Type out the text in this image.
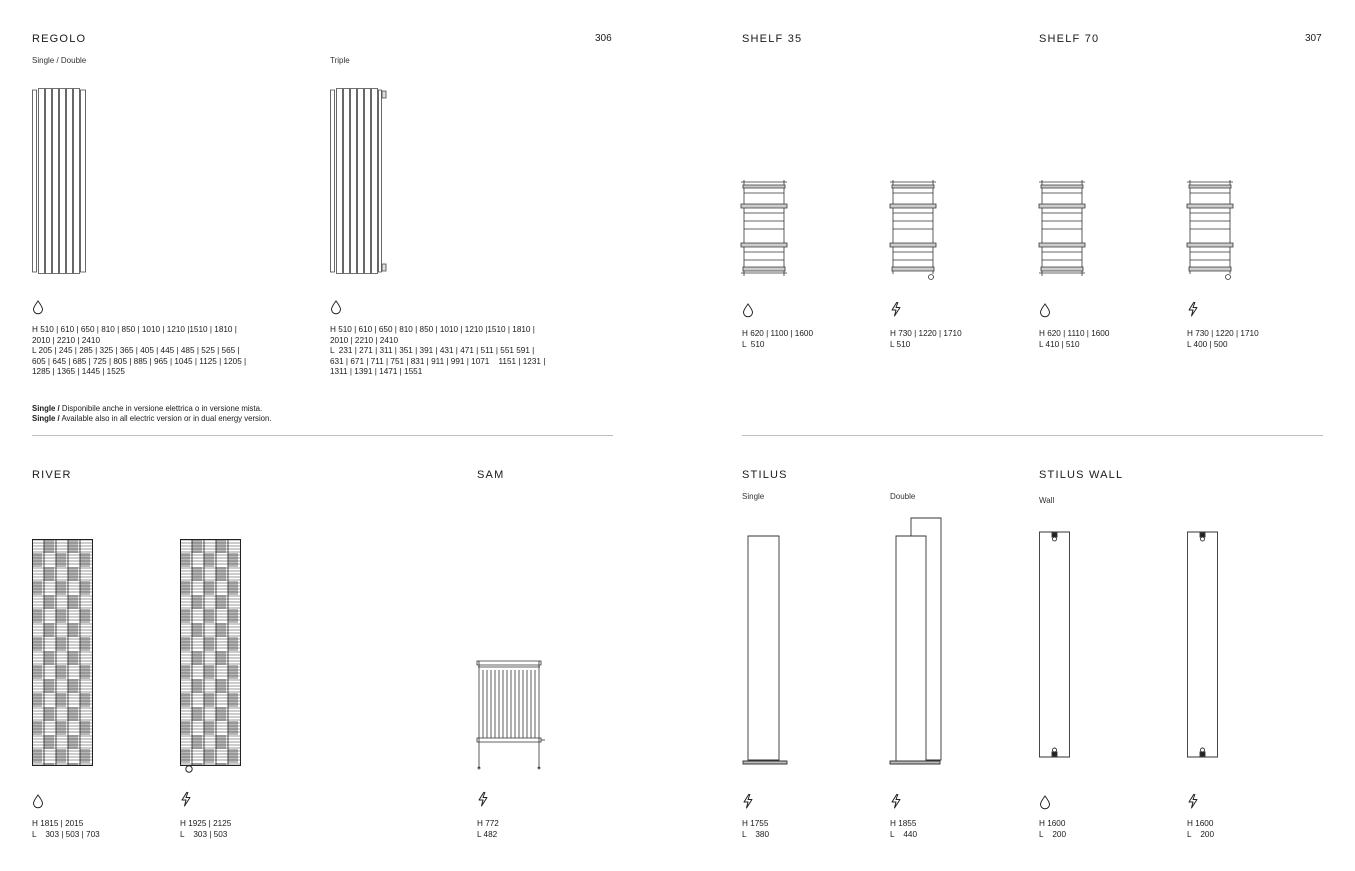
306	307
REGOLO
Single / Double	Triple
H 510 | 610 | 650 | 810 | 850 | 1010 | 1210 |1510 | 1810 |
2010 | 2210 | 2410
L 205 | 245 | 285 | 325 | 365 | 405 | 445 | 485 | 525 | 565 |
605 | 645 | 685 | 725 | 805 | 885 | 965 | 1045 | 1125 | 1205 |
1285 | 1365 | 1445 | 1525
H 510 | 610 | 650 | 810 | 850 | 1010 | 1210 |1510 | 1810 |
2010 | 2210 | 2410
L  231 | 271 | 311 | 351 | 391 | 431 | 471 | 511 | 551 591 |
631 | 671 | 711 | 751 | 831 | 911 | 991 | 1071    1151 | 1231 |
1311 | 1391 | 1471 | 1551
Single / Disponibile anche in versione elettrica o in versione mista.
Single / Available also in all electric version or in dual energy version.
SHELF 35	SHELF 70
H 620 | 1100 | 1600
L  510
H 730 | 1220 | 1710
L 510
H 620 | 1110 | 1600
L 410 | 510
H 730 | 1220 | 1710
L 400 | 500
RIVER
H 1815 | 2015
L    303 | 503 | 703
H 1925 | 2125
L    303 | 503
SAM
H 772
L 482
STILUS
Single	Double
H 1755
L    380
H 1855
L    440
STILUS WALL
Wall
H 1600
L    200
H 1600
L    200
